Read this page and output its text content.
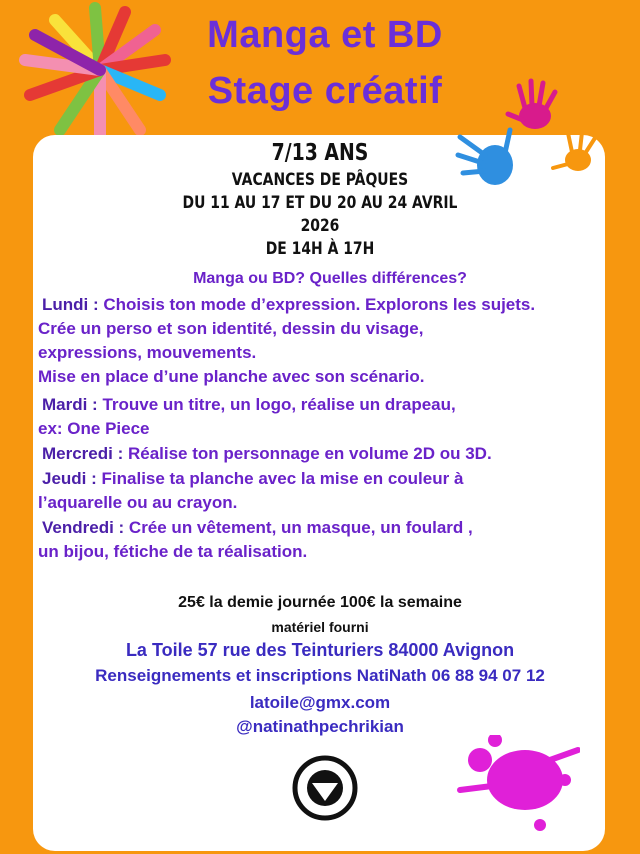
Manga et BD
Stage créatif
7/13 ANS
VACANCES DE PÂQUES
DU 11 AU 17 ET DU 20 AU 24 AVRIL
2026
DE 14H À 17H
Manga ou BD? Quelles différences?
Lundi : Choisis ton mode d’expression. Explorons les sujets.
Crée un perso et son identité, dessin du visage,
expressions, mouvements.
Mise en place d’une planche avec son scénario.
Mardi : Trouve un titre, un logo, réalise un drapeau,
ex: One Piece
Mercredi : Réalise ton personnage en volume 2D ou 3D.
Jeudi : Finalise ta planche avec la mise en couleur à
l’aquarelle ou au crayon.
Vendredi : Crée un vêtement, un masque, un foulard ,
un bijou, fétiche de ta réalisation.
25€ la demie journée 100€ la semaine
matériel fourni
La Toile 57 rue des Teinturiers 84000 Avignon
Renseignements et inscriptions NatiNath 06 88 94 07 12
latoile@gmx.com
@natinathpechrikian
